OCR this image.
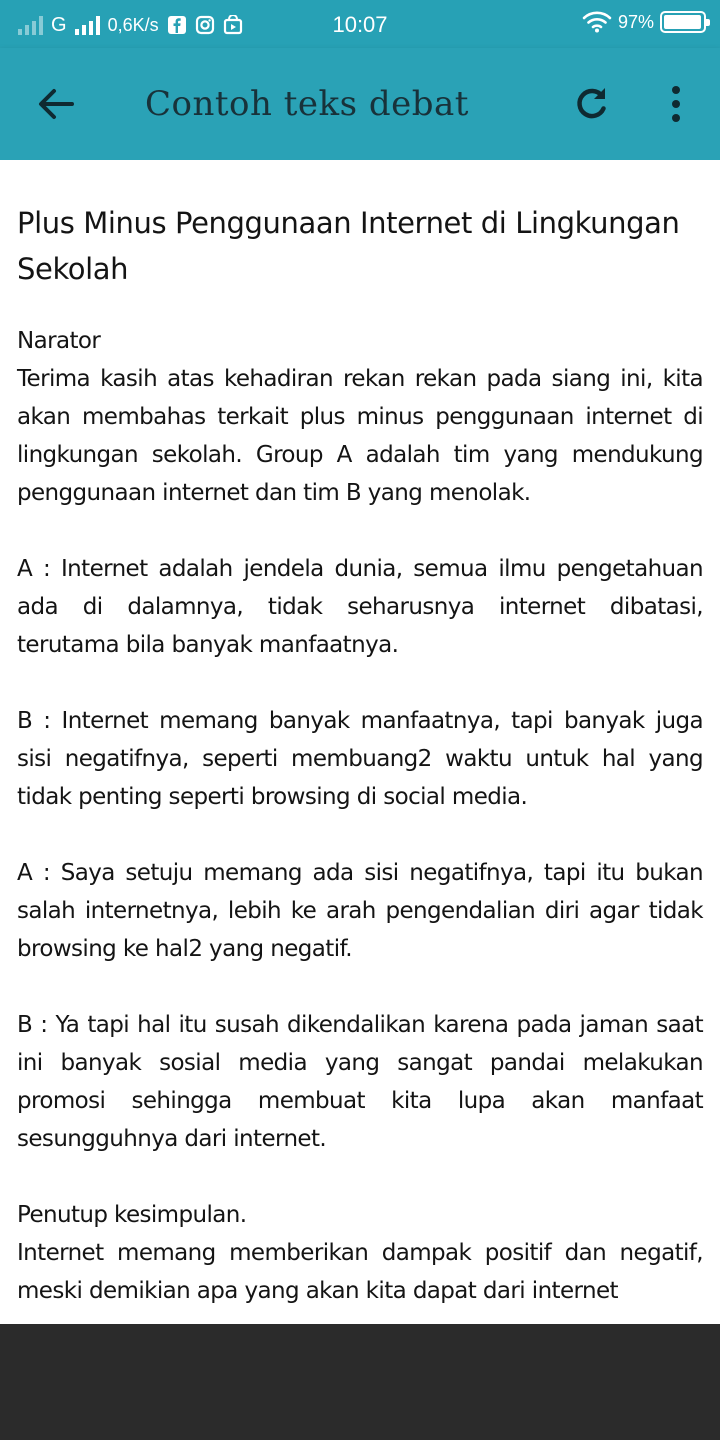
G 0,6K/s	10:07	97%
Contoh teks debat
Plus Minus Penggunaan Internet di Lingkungan Sekolah
Narator
Terima kasih atas kehadiran rekan rekan pada siang ini, kita akan membahas terkait plus minus penggunaan internet di lingkungan sekolah. Group A adalah tim yang mendukung penggunaan internet dan tim B yang menolak.
A : Internet adalah jendela dunia, semua ilmu pengetahuan ada di dalamnya, tidak seharusnya internet dibatasi, terutama bila banyak manfaatnya.
B : Internet memang banyak manfaatnya, tapi banyak juga sisi negatifnya, seperti membuang2 waktu untuk hal yang tidak penting seperti browsing di social media.
A : Saya setuju memang ada sisi negatifnya, tapi itu bukan salah internetnya, lebih ke arah pengendalian diri agar tidak browsing ke hal2 yang negatif.
B : Ya tapi hal itu susah dikendalikan karena pada jaman saat ini banyak sosial media yang sangat pandai melakukan promosi sehingga membuat kita lupa akan manfaat sesungguhnya dari internet.
Penutup kesimpulan.
Internet memang memberikan dampak positif dan negatif, meski demikian apa yang akan kita dapat dari internet
